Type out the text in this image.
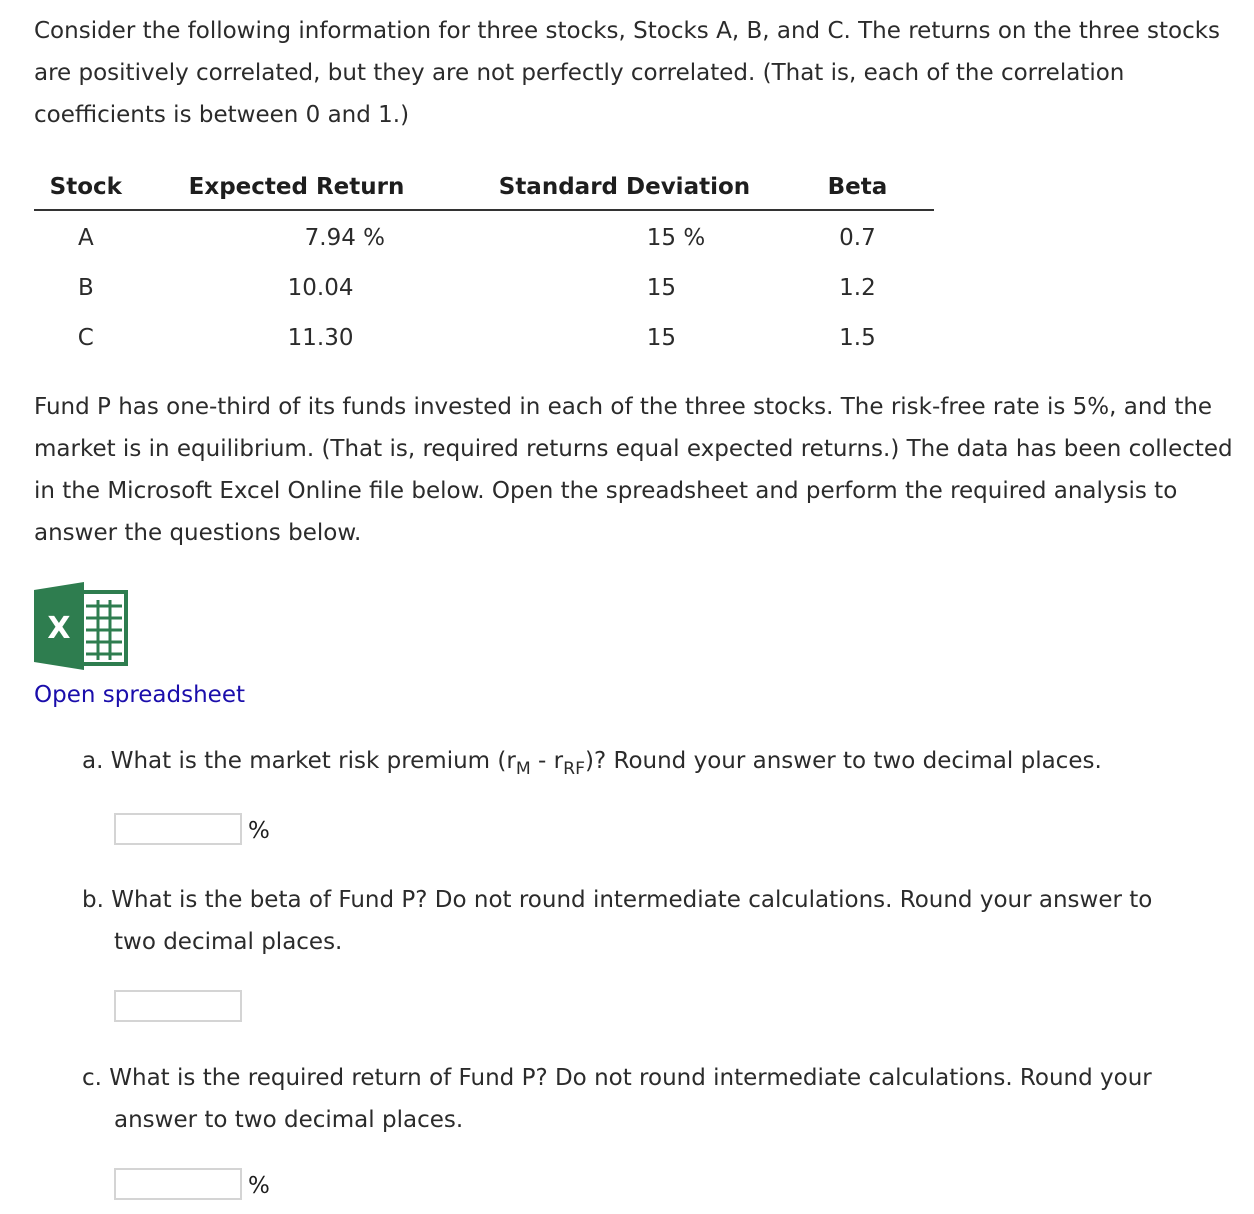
Consider the following information for three stocks, Stocks A, B, and C. The returns on the three stocks are positively correlated, but they are not perfectly correlated. (That is, each of the correlation coefficients is between 0 and 1.)

Stock	Expected Return	Standard Deviation	Beta
A	7.94 %	15 %	0.7
B	10.04	15	1.2
C	11.30	15	1.5

Fund P has one-third of its funds invested in each of the three stocks. The risk-free rate is 5%, and the market is in equilibrium. (That is, required returns equal expected returns.) The data has been collected in the Microsoft Excel Online file below. Open the spreadsheet and perform the required analysis to answer the questions below.

X
Open spreadsheet

a. What is the market risk premium $(r_M - r_{RF})$? Round your answer to two decimal places.

%

b. What is the beta of Fund P? Do not round intermediate calculations. Round your answer to
two decimal places.

c. What is the required return of Fund P? Do not round intermediate calculations. Round your
answer to two decimal places.

%
